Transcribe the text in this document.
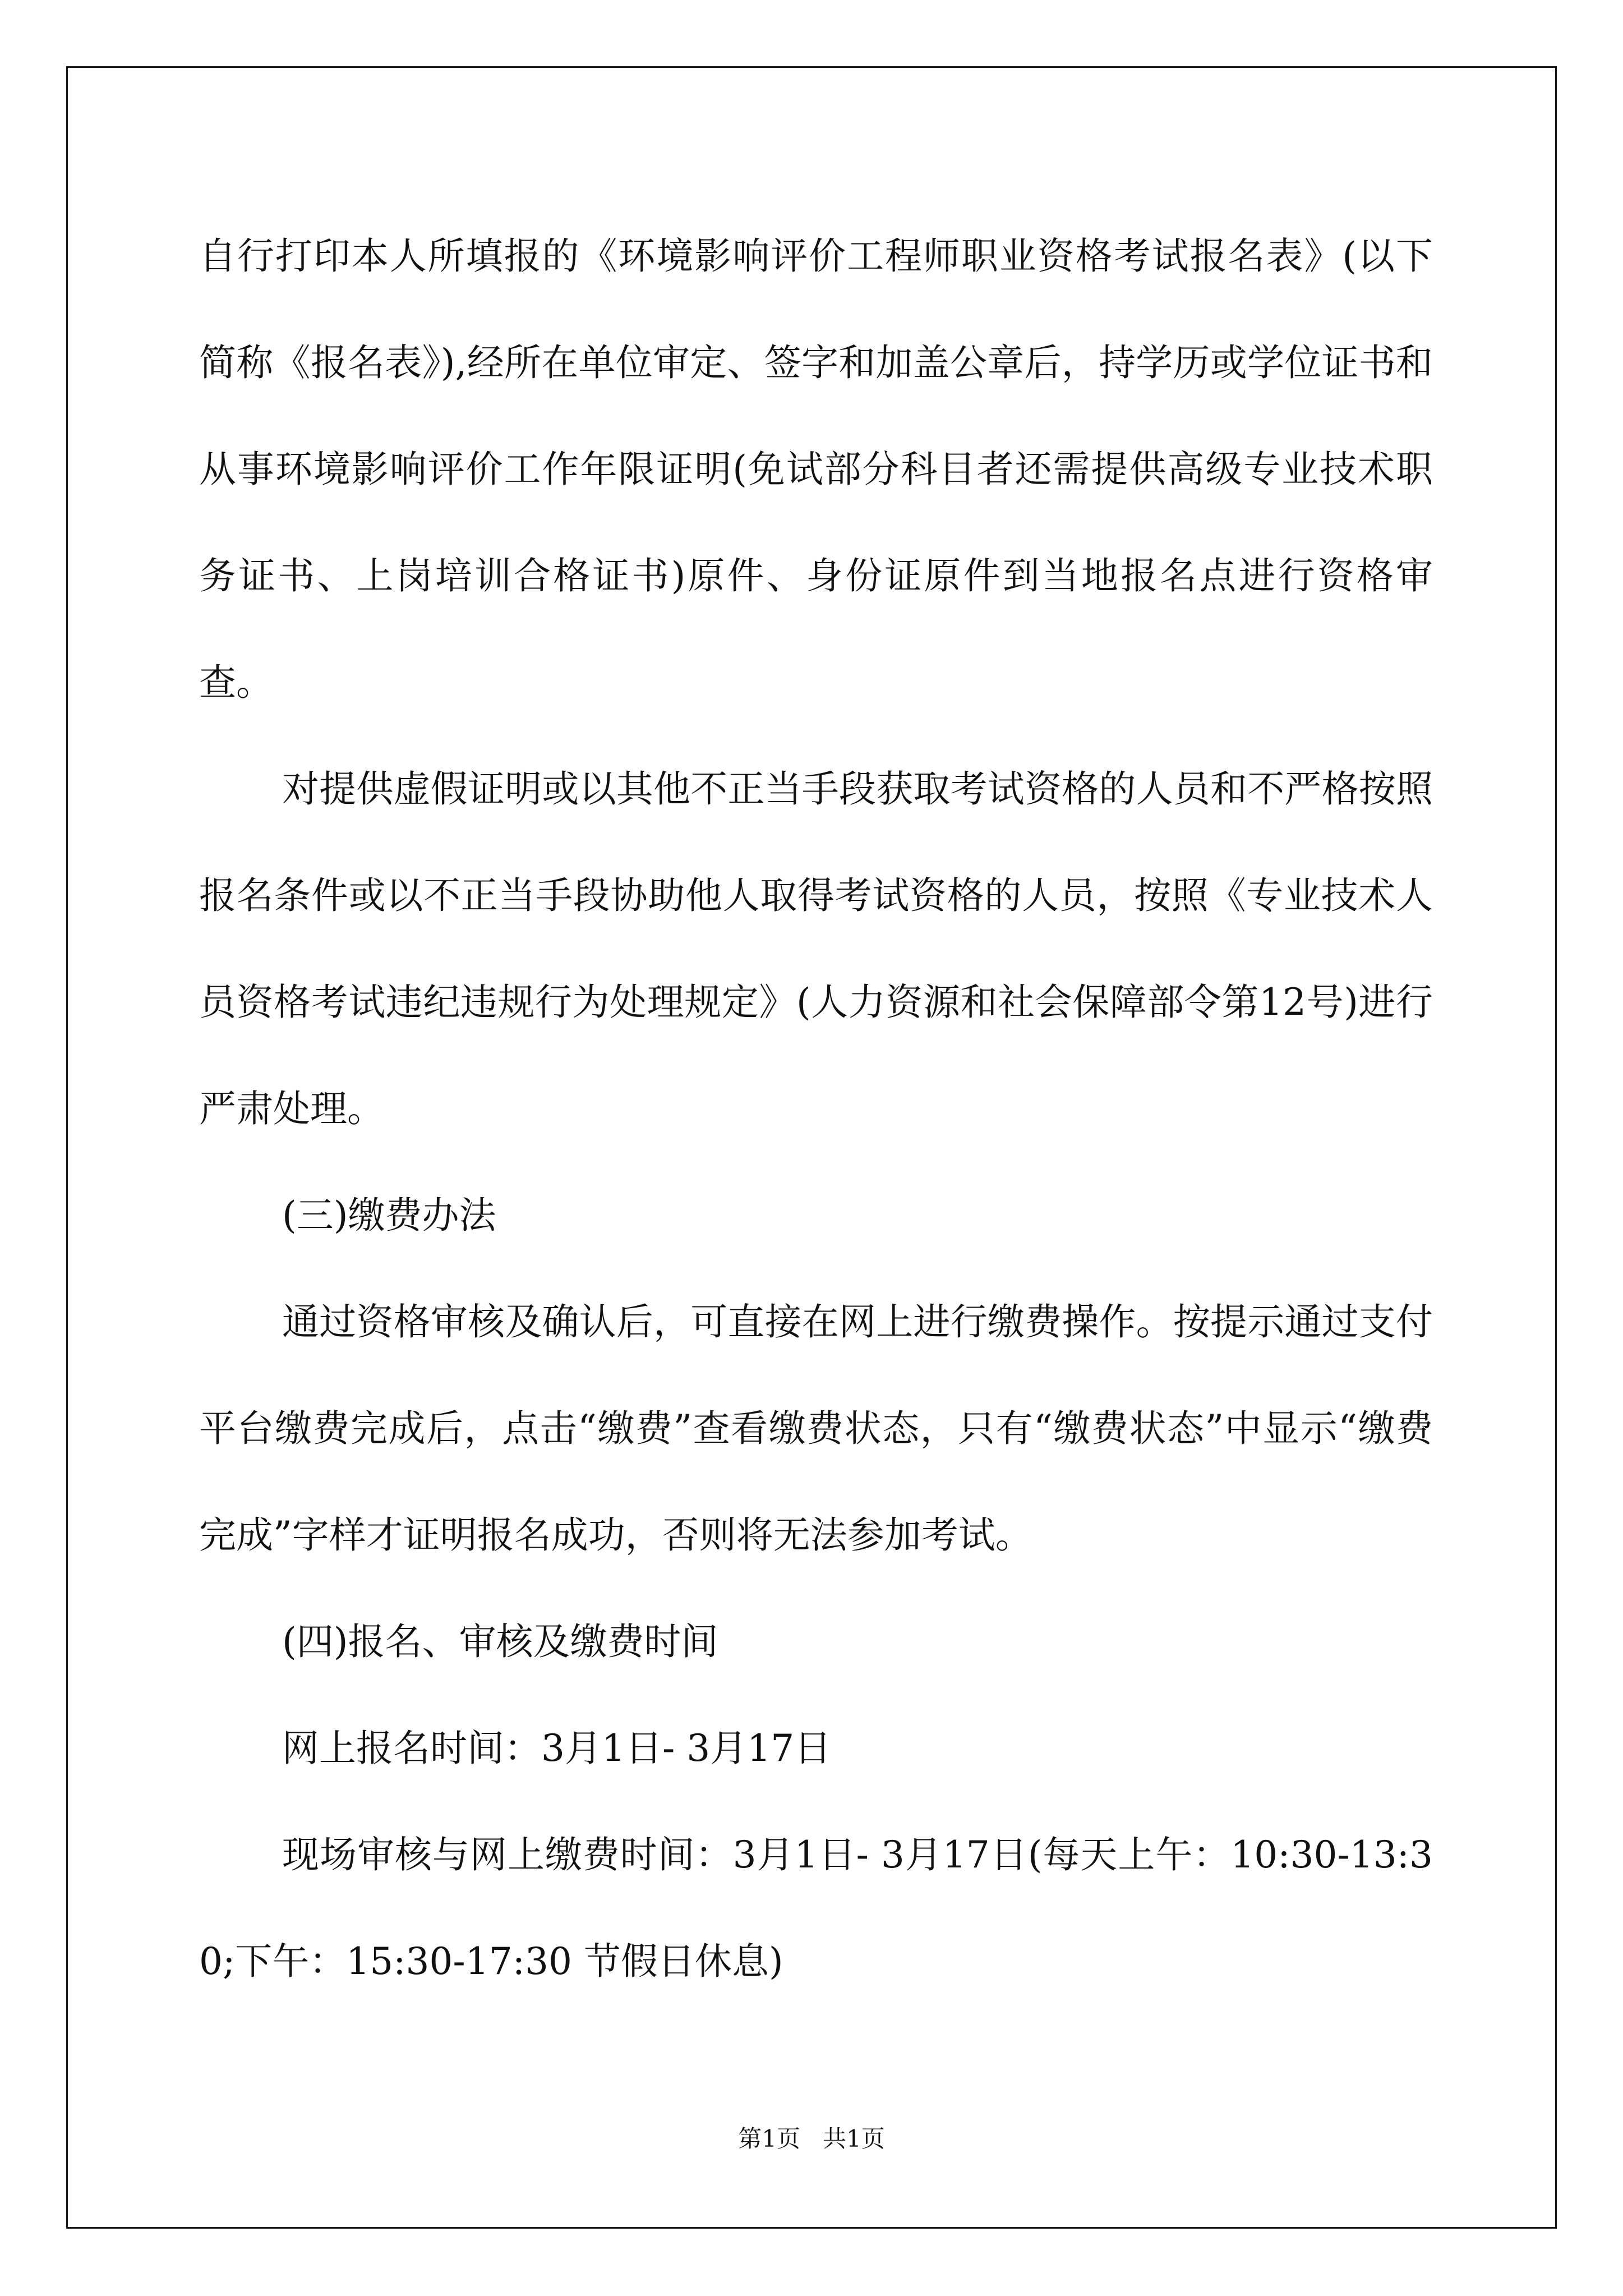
自行打印本人所填报的《环境影响评价工程师职业资格考试报名表》(以下简称《报名表》),经所在单位审定、签字和加盖公章后，持学历或学位证书和从事环境影响评价工作年限证明(免试部分科目者还需提供高级专业技术职务证书、上岗培训合格证书)原件、身份证原件到当地报名点进行资格审查。

对提供虚假证明或以其他不正当手段获取考试资格的人员和不严格按照报名条件或以不正当手段协助他人取得考试资格的人员，按照《专业技术人员资格考试违纪违规行为处理规定》(人力资源和社会保障部令第12号)进行严肃处理。

(三)缴费办法

通过资格审核及确认后，可直接在网上进行缴费操作。按提示通过支付平台缴费完成后，点击“缴费”查看缴费状态，只有“缴费状态”中显示“缴费完成”字样才证明报名成功，否则将无法参加考试。

(四)报名、审核及缴费时间

网上报名时间：3月1日- 3月17日

现场审核与网上缴费时间：3月1日- 3月17日(每天上午：10:30-13:30;下午：15:30-17:30 节假日休息)

第1页   共1页
